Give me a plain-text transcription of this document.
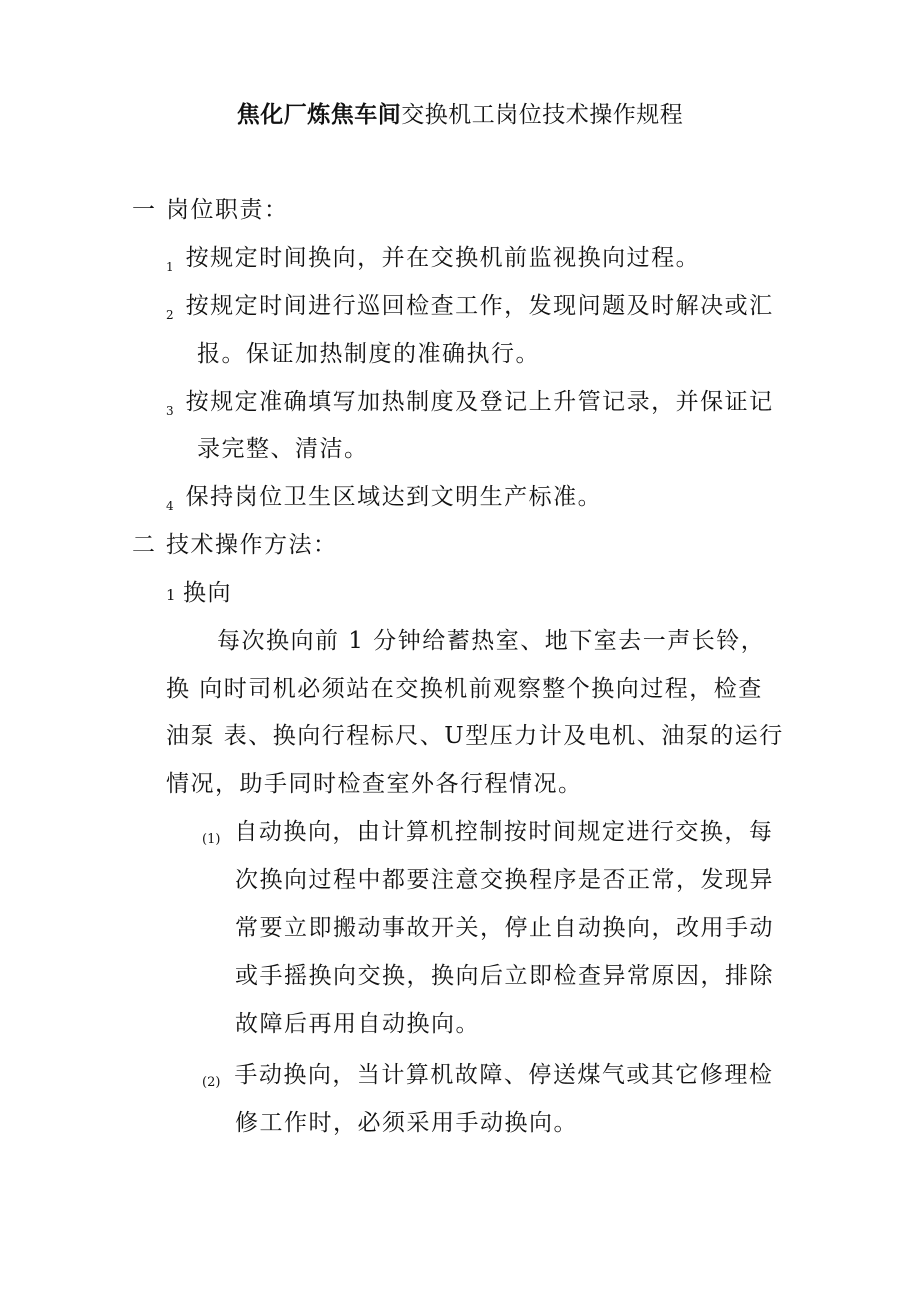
焦化厂炼焦车间交换机工岗位技术操作规程
一 岗位职责：
1 按规定时间换向，并在交换机前监视换向过程。
2 按规定时间进行巡回检查工作，发现问题及时解决或汇
报。保证加热制度的准确执行。
3 按规定准确填写加热制度及登记上升管记录，并保证记
录完整、清洁。
4 保持岗位卫生区域达到文明生产标准。
二 技术操作方法：
1 换向
每次换向前 1 分钟给蓄热室、地下室去一声长铃，
换 向时司机必须站在交换机前观察整个换向过程，检查
油泵 表、换向行程标尺、U型压力计及电机、油泵的运行
情况，助手同时检查室外各行程情况。
(1) 自动换向，由计算机控制按时间规定进行交换，每
次换向过程中都要注意交换程序是否正常，发现异
常要立即搬动事故开关，停止自动换向，改用手动
或手摇换向交换，换向后立即检查异常原因，排除
故障后再用自动换向。
(2) 手动换向，当计算机故障、停送煤气或其它修理检
修工作时，必须采用手动换向。
